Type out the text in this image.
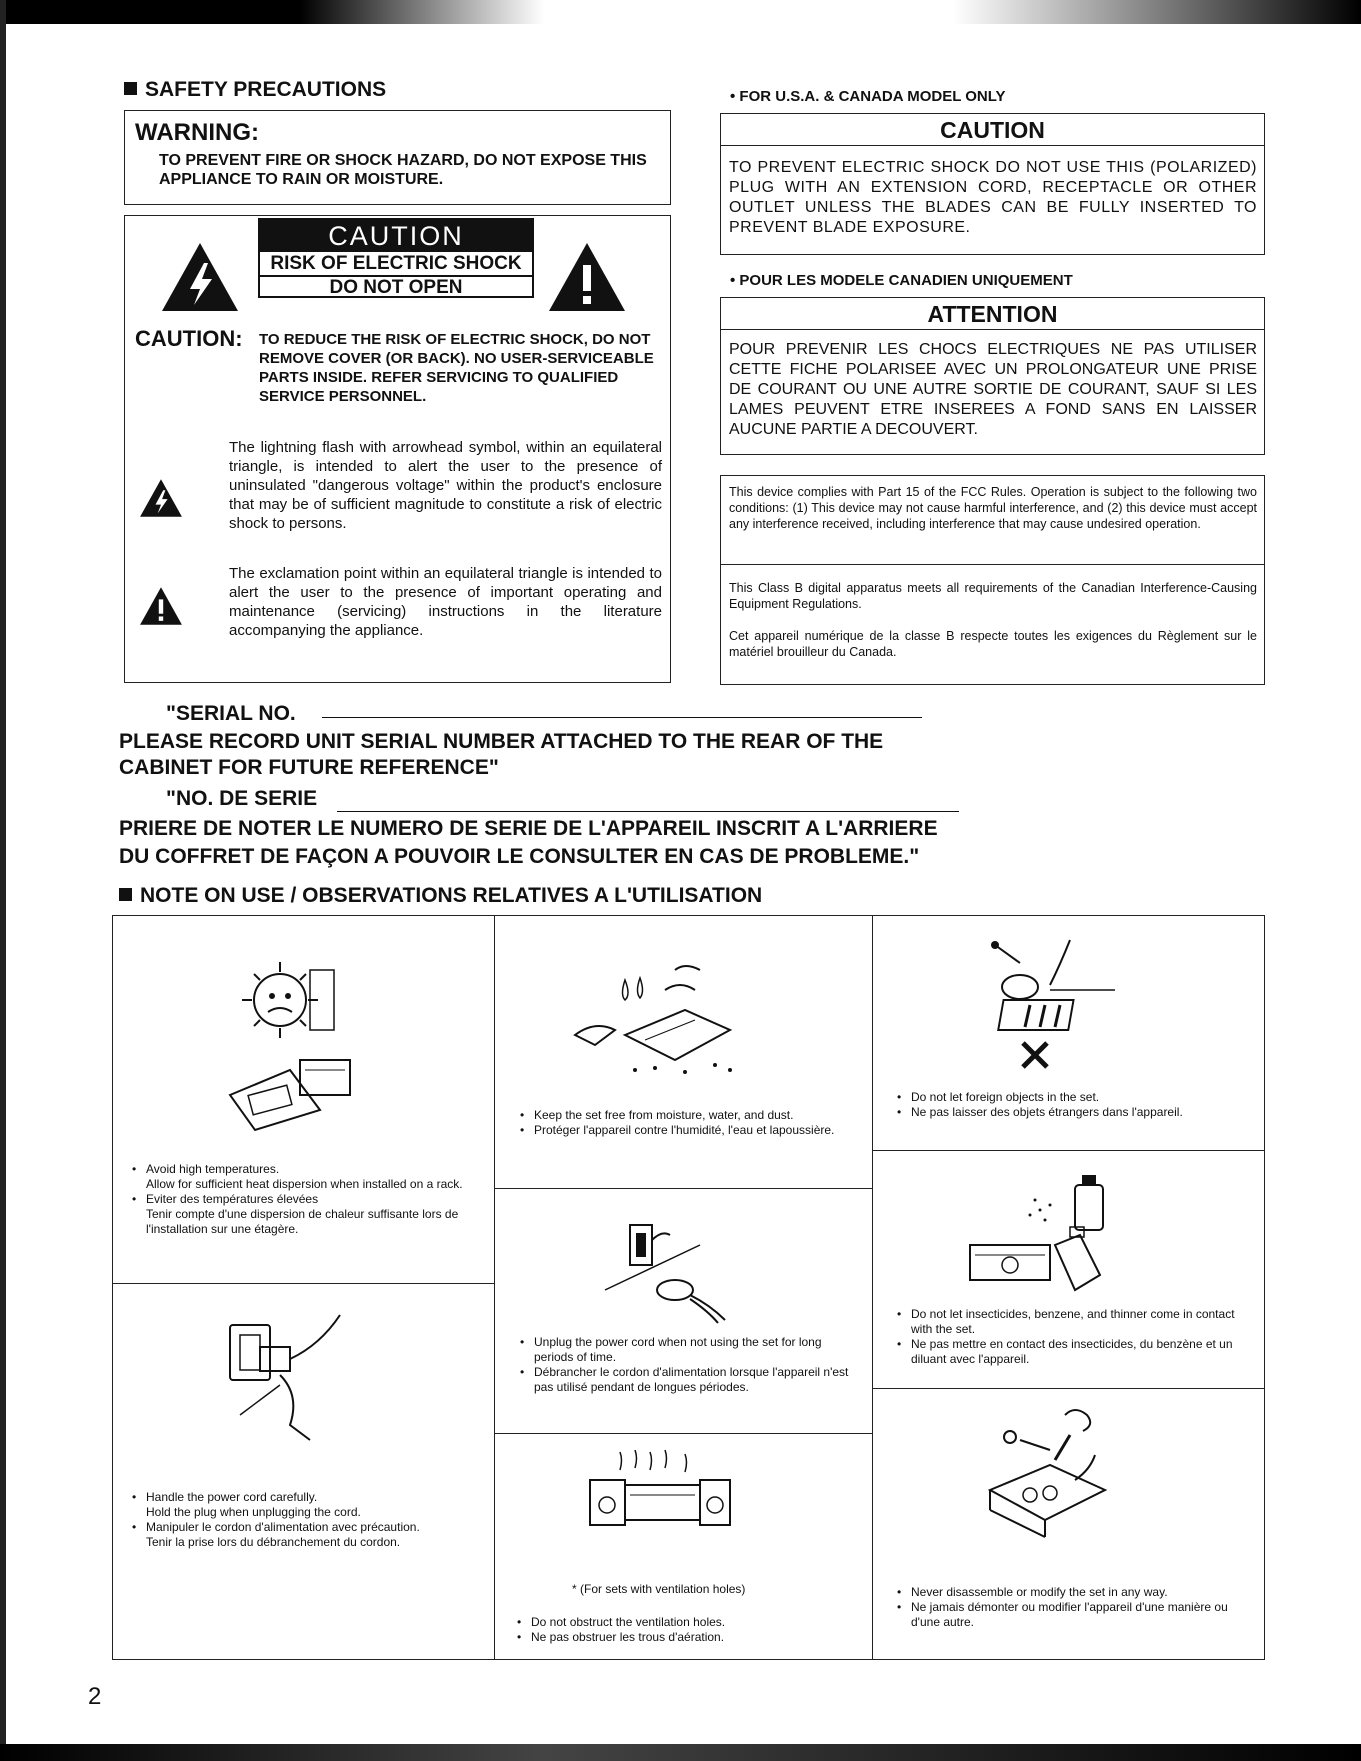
SAFETY PRECAUTIONS
WARNING:
TO PREVENT FIRE OR SHOCK HAZARD, DO NOT EXPOSE THIS APPLIANCE TO RAIN OR MOISTURE.
CAUTION
RISK OF ELECTRIC SHOCK
DO NOT OPEN
CAUTION: TO REDUCE THE RISK OF ELECTRIC SHOCK, DO NOT REMOVE COVER (OR BACK). NO USER-SERVICEABLE PARTS INSIDE. REFER SERVICING TO QUALIFIED SERVICE PERSONNEL.
The lightning flash with arrowhead symbol, within an equilateral triangle, is intended to alert the user to the presence of uninsulated "dangerous voltage" within the product's enclosure that may be of sufficient magnitude to constitute a risk of electric shock to persons.
The exclamation point within an equilateral triangle is intended to alert the user to the presence of important operating and maintenance (servicing) instructions in the literature accompanying the appliance.
• FOR U.S.A. & CANADA MODEL ONLY
CAUTION
TO PREVENT ELECTRIC SHOCK DO NOT USE THIS (POLARIZED) PLUG WITH AN EXTENSION CORD, RECEPTACLE OR OTHER OUTLET UNLESS THE BLADES CAN BE FULLY INSERTED TO PREVENT BLADE EXPOSURE.
• POUR LES MODELE CANADIEN UNIQUEMENT
ATTENTION
POUR PREVENIR LES CHOCS ELECTRIQUES NE PAS UTILISER CETTE FICHE POLARISEE AVEC UN PROLONGATEUR UNE PRISE DE COURANT OU UNE AUTRE SORTIE DE COURANT, SAUF SI LES LAMES PEUVENT ETRE INSEREES A FOND SANS EN LAISSER AUCUNE PARTIE A DECOUVERT.
This device complies with Part 15 of the FCC Rules. Operation is subject to the following two conditions: (1) This device may not cause harmful interference, and (2) this device must accept any interference received, including interference that may cause undesired operation.
This Class B digital apparatus meets all requirements of the Canadian Interference-Causing Equipment Regulations.
Cet appareil numérique de la classe B respecte toutes les exigences du Règlement sur le matériel brouilleur du Canada.
"SERIAL NO.
PLEASE RECORD UNIT SERIAL NUMBER ATTACHED TO THE REAR OF THE
CABINET FOR FUTURE REFERENCE"
"NO. DE SERIE
PRIERE DE NOTER LE NUMERO DE SERIE DE L'APPAREIL INSCRIT A L'ARRIERE
DU COFFRET DE FAÇON A POUVOIR LE CONSULTER EN CAS DE PROBLEME."
NOTE ON USE / OBSERVATIONS RELATIVES A L'UTILISATION
• Avoid high temperatures.
Allow for sufficient heat dispersion when installed on a rack.
• Eviter des températures élevées
Tenir compte d'une dispersion de chaleur suffisante lors de l'installation sur une étagère.
• Handle the power cord carefully.
Hold the plug when unplugging the cord.
• Manipuler le cordon d'alimentation avec précaution.
Tenir la prise lors du débranchement du cordon.
• Keep the set free from moisture, water, and dust.
• Protéger l'appareil contre l'humidité, l'eau et lapoussière.
• Unplug the power cord when not using the set for long periods of time.
• Débrancher le cordon d'alimentation lorsque l'appareil n'est pas utilisé pendant de longues périodes.
* (For sets with ventilation holes)
• Do not obstruct the ventilation holes.
• Ne pas obstruer les trous d'aération.
• Do not let foreign objects in the set.
• Ne pas laisser des objets étrangers dans l'appareil.
• Do not let insecticides, benzene, and thinner come in contact with the set.
• Ne pas mettre en contact des insecticides, du benzène et un diluant avec l'appareil.
• Never disassemble or modify the set in any way.
• Ne jamais démonter ou modifier l'appareil d'une manière ou d'une autre.
2
